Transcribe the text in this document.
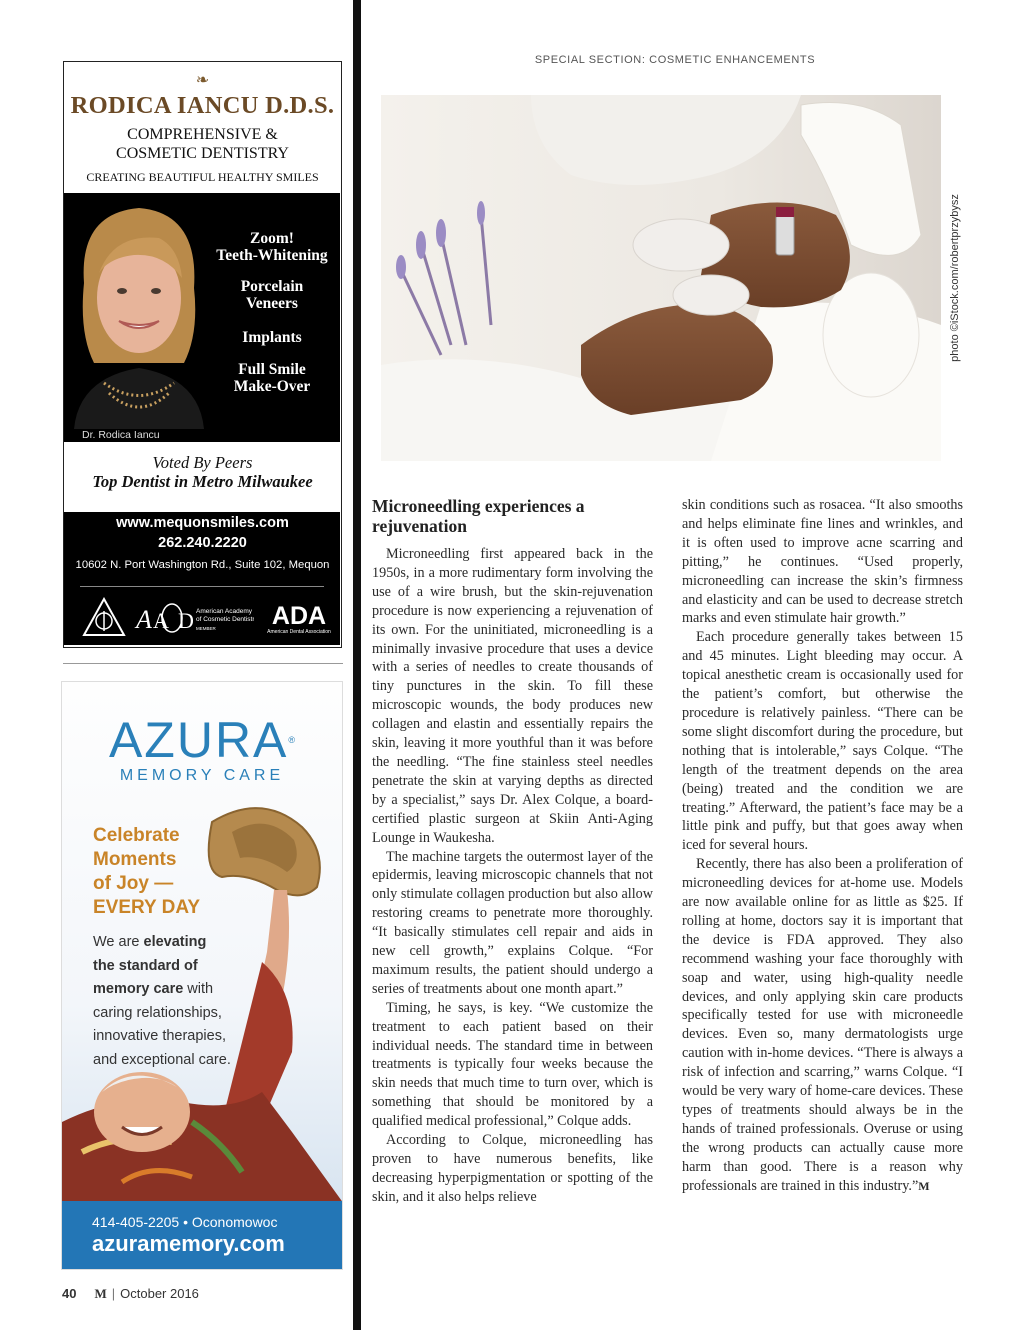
SPECIAL SECTION: COSMETIC ENHANCEMENTS
photo ©iStock.com/robertprzybysz
Microneedling experiences a rejuvenation

Microneedling first appeared back in the 1950s, in a more rudimentary form involving the use of a wire brush, but the skin-rejuvenation procedure is now experiencing a rejuvenation of its own. For the uninitiated, microneedling is a minimally invasive procedure that uses a device with a series of needles to create thousands of tiny punctures in the skin. To fill these microscopic wounds, the body produces new collagen and elastin and essentially repairs the skin, leaving it more youthful than it was before the needling. “The fine stainless steel needles penetrate the skin at varying depths as directed by a specialist,” says Dr. Alex Colque, a board-certified plastic surgeon at Skiin Anti-Aging Lounge in Waukesha.

The machine targets the outermost layer of the epidermis, leaving microscopic channels that not only stimulate collagen production but also allow restoring creams to penetrate more thoroughly. “It basically stimulates cell repair and aids in new cell growth,” explains Colque. “For maximum results, the patient should undergo a series of treatments about one month apart.”

Timing, he says, is key. “We customize the treatment to each patient based on their individual needs. The standard time in between treatments is typically four weeks because the skin needs that much time to turn over, which is something that should be monitored by a qualified medical professional,” Colque adds.

According to Colque, microneedling has proven to have numerous benefits, like decreasing hyperpigmentation or spotting of the skin, and it also helps relieve

skin conditions such as rosacea. “It also smooths and helps eliminate fine lines and wrinkles, and it is often used to improve acne scarring and pitting,” he continues. “Used properly, microneedling can increase the skin’s firmness and elasticity and can be used to decrease stretch marks and even stimulate hair growth.”

Each procedure generally takes between 15 and 45 minutes. Light bleeding may occur. A topical anesthetic cream is occasionally used for the patient’s comfort, but otherwise the procedure is relatively painless. “There can be some slight discomfort during the procedure, but nothing that is intolerable,” says Colque. “The length of the treatment depends on the area (being) treated and the condition we are treating.” Afterward, the patient’s face may be a little pink and puffy, but that goes away when iced for several hours.

Recently, there has also been a proliferation of microneedling devices for at-home use. Models are now available online for as little as $25. If rolling at home, doctors say it is important that the device is FDA approved. They also recommend washing your face thoroughly with soap and water, using high-quality needle devices, and only applying skin care products specifically tested for use with microneedle devices. Even so, many dermatologists urge caution with in-home devices. “There is always a risk of infection and scarring,” warns Colque. “I would be very wary of home-care devices. These types of treatments should always be in the hands of trained professionals. Overuse or using the wrong products can actually cause more harm than good. There is a reason why professionals are trained in this industry.”M

❧
RODICA IANCU D.D.S.
COMPREHENSIVE &
COSMETIC DENTISTRY
CREATING BEAUTIFUL HEALTHY SMILES
Zoom!
Teeth-Whitening
Porcelain
Veneers
Implants
Full Smile
Make-Over
Dr. Rodica Iancu
Voted By Peers
Top Dentist in Metro Milwaukee
www.mequonsmiles.com
262.240.2220
10602 N. Port Washington Rd., Suite 102, Mequon
A A D American Academy
of Cosmetic Dentistry
MEMBER ADA
American Dental Association
AZURA®
MEMORY CARE
Celebrate
Moments
of Joy —
EVERY DAY
We are elevating
the standard of
memory care with
caring relationships,
innovative therapies,
and exceptional care.
414-405-2205 • Oconomowoc
azuramemory.com
40 M | October 2016
